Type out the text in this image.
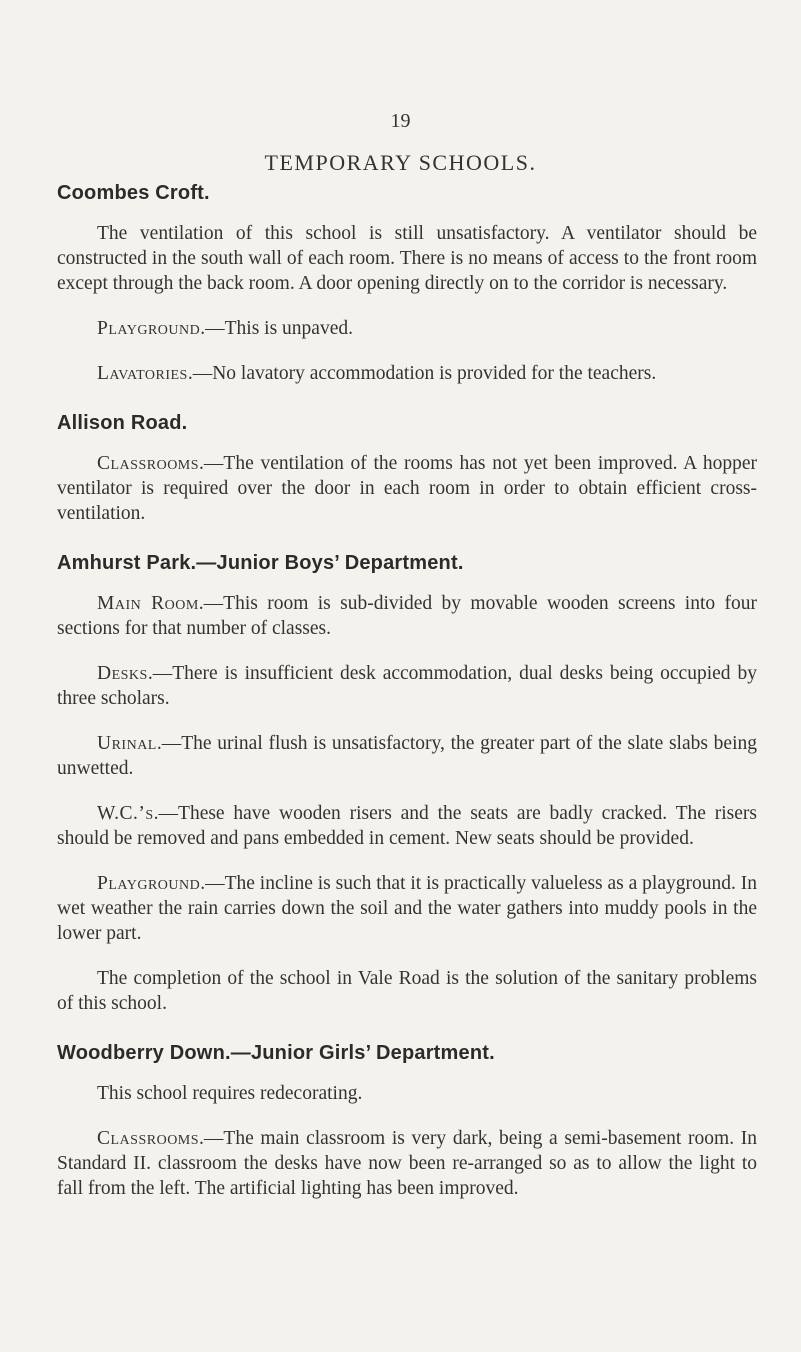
19
TEMPORARY SCHOOLS.
Coombes Croft.

The ventilation of this school is still unsatisfactory. A ventilator should be constructed in the south wall of each room. There is no means of access to the front room except through the back room. A door opening directly on to the corridor is necessary.

Playground.—This is unpaved.

Lavatories.—No lavatory accommodation is provided for the teachers.

Allison Road.

Classrooms.—The ventilation of the rooms has not yet been improved. A hopper ventilator is required over the door in each room in order to obtain efficient cross-ventilation.

Amhurst Park.—Junior Boys’ Department.

Main Room.—This room is sub-divided by movable wooden screens into four sections for that number of classes.

Desks.—There is insufficient desk accommodation, dual desks being occupied by three scholars.

Urinal.—The urinal flush is unsatisfactory, the greater part of the slate slabs being unwetted.

W.C.’s.—These have wooden risers and the seats are badly cracked. The risers should be removed and pans embedded in cement. New seats should be provided.

Playground.—The incline is such that it is practically valueless as a playground. In wet weather the rain carries down the soil and the water gathers into muddy pools in the lower part.

The completion of the school in Vale Road is the solution of the sanitary problems of this school.

Woodberry Down.—Junior Girls’ Department.

This school requires redecorating.

Classrooms.—The main classroom is very dark, being a semi-basement room. In Standard II. classroom the desks have now been re-arranged so as to allow the light to fall from the left. The artificial lighting has been improved.
